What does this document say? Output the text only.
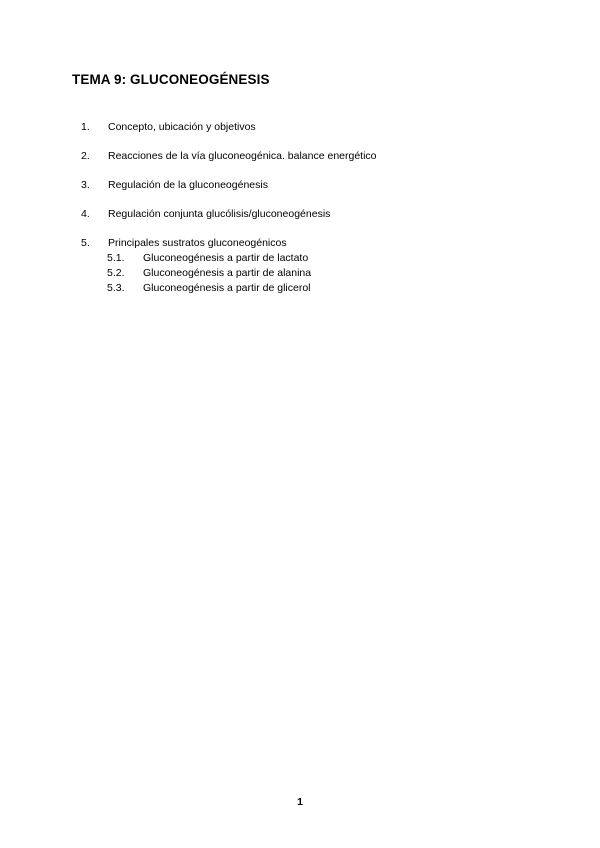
TEMA 9: GLUCONEOGÉNESIS
1.	Concepto, ubicación y objetivos
2.	Reacciones de la vía gluconeogénica. balance energético
3.	Regulación de la gluconeogénesis
4.	Regulación conjunta glucólisis/gluconeogénesis
5.	Principales sustratos gluconeogénicos
5.1.	Gluconeogénesis a partir de lactato
5.2.	Gluconeogénesis a partir de alanina
5.3.	Gluconeogénesis a partir de glicerol
1
